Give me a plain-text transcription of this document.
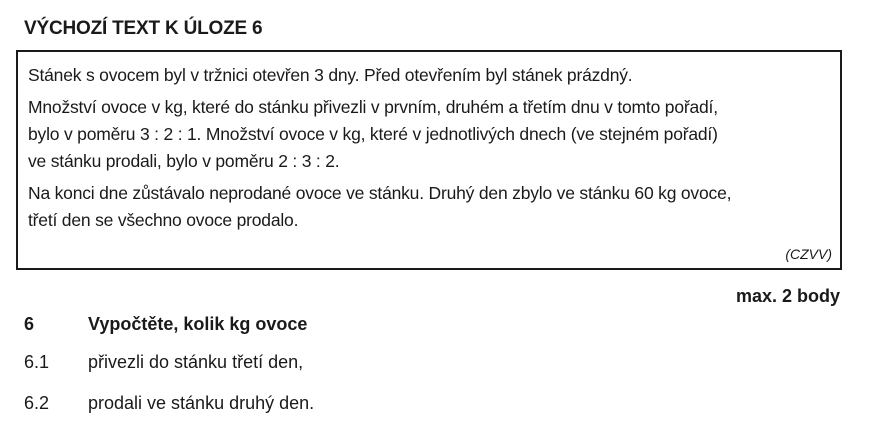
VÝCHOZÍ TEXT K ÚLOZE 6
Stánek s ovocem byl v tržnici otevřen 3 dny. Před otevřením byl stánek prázdný.
Množství ovoce v kg, které do stánku přivezli v prvním, druhém a třetím dnu v tomto pořadí,
bylo v poměru 3 : 2 : 1. Množství ovoce v kg, které v jednotlivých dnech (ve stejném pořadí)
ve stánku prodali, bylo v poměru 2 : 3 : 2.
Na konci dne zůstávalo neprodané ovoce ve stánku. Druhý den zbylo ve stánku 60 kg ovoce,
třetí den se všechno ovoce prodalo.
(CZVV)
max. 2 body
6	Vypočtěte, kolik kg ovoce
6.1 přivezli do stánku třetí den,
6.2 prodali ve stánku druhý den.
